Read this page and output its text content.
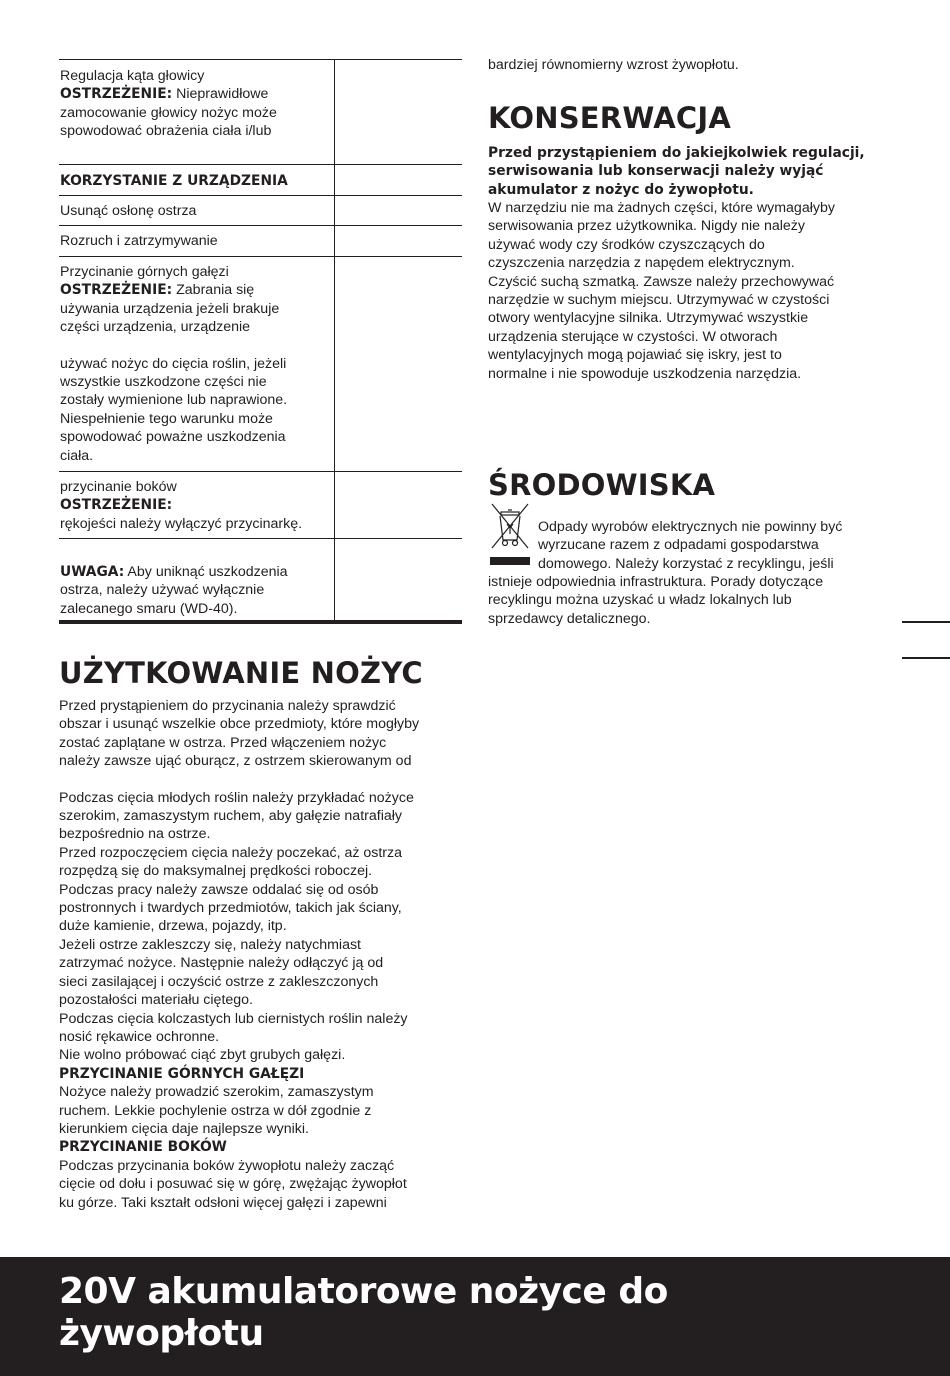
Regulacja kąta głowicy

OSTRZEŻENIE: Nieprawidłowe
zamocowanie głowicy nożyc może
spowodować obrażenia ciała i/lub

KORZYSTANIE Z URZĄDZENIA

Usunąć osłonę ostrza

Rozruch i zatrzymywanie

Przycinanie górnych gałęzi

OSTRZEŻENIE: Zabrania się
używania urządzenia jeżeli brakuje
części urządzenia, urządzenie

używać nożyc do cięcia roślin, jeżeli
wszystkie uszkodzone części nie
zostały wymienione lub naprawione.
Niespełnienie tego warunku może
spowodować poważne uszkodzenia
ciała.

przycinanie boków

OSTRZEŻENIE:
rękojeści należy wyłączyć przycinarkę.

UWAGA: Aby uniknąć uszkodzenia
ostrza, należy używać wyłącznie
zalecanego smaru (WD-40).

UŻYTKOWANIE NOŻYC

Przed prystąpieniem do przycinania należy sprawdzić
obszar i usunąć wszelkie obce przedmioty, które mogłyby
zostać zaplątane w ostrza. Przed włączeniem nożyc
należy zawsze ująć oburącz, z ostrzem skierowanym od

Podczas cięcia młodych roślin należy przykładać nożyce
szerokim, zamaszystym ruchem, aby gałęzie natrafiały
bezpośrednio na ostrze.
Przed rozpoczęciem cięcia należy poczekać, aż ostrza
rozpędzą się do maksymalnej prędkości roboczej.
Podczas pracy należy zawsze oddalać się od osób
postronnych i twardych przedmiotów, takich jak ściany,
duże kamienie, drzewa, pojazdy, itp.
Jeżeli ostrze zakleszczy się, należy natychmiast
zatrzymać nożyce. Następnie należy odłączyć ją od
sieci zasilającej i oczyścić ostrze z zakleszczonych
pozostałości materiału ciętego.
Podczas cięcia kolczastych lub ciernistych roślin należy
nosić rękawice ochronne.
Nie wolno próbować ciąć zbyt grubych gałęzi.

PRZYCINANIE GÓRNYCH GAŁĘZI

Nożyce należy prowadzić szerokim, zamaszystym
ruchem. Lekkie pochylenie ostrza w dół zgodnie z
kierunkiem cięcia daje najlepsze wyniki.

PRZYCINANIE BOKÓW

Podczas przycinania boków żywopłotu należy zacząć
cięcie od dołu i posuwać się w górę, zwężając żywopłot
ku górze. Taki kształt odsłoni więcej gałęzi i zapewni

bardziej równomierny wzrost żywopłotu.

KONSERWACJA

Przed przystąpieniem do jakiejkolwiek regulacji, serwisowania lub konserwacji należy wyjąć akumulator z nożyc do żywopłotu.

W narzędziu nie ma żadnych części, które wymagałyby
serwisowania przez użytkownika. Nigdy nie należy
używać wody czy środków czyszczących do
czyszczenia narzędzia z napędem elektrycznym.
Czyścić suchą szmatką. Zawsze należy przechowywać
narzędzie w suchym miejscu. Utrzymywać w czystości
otwory wentylacyjne silnika. Utrzymywać wszystkie
urządzenia sterujące w czystości. W otworach
wentylacyjnych mogą pojawiać się iskry, jest to
normalne i nie spowoduje uszkodzenia narzędzia.

ŚRODOWISKA

Odpady wyrobów elektrycznych nie powinny być

wyrzucane razem z odpadami gospodarstwa

domowego. Należy korzystać z recyklingu, jeśli

istnieje odpowiednia infrastruktura. Porady dotyczące
recyklingu można uzyskać u władz lokalnych lub
sprzedawcy detalicznego.

20V akumulatorowe nożyce do
żywopłotu
